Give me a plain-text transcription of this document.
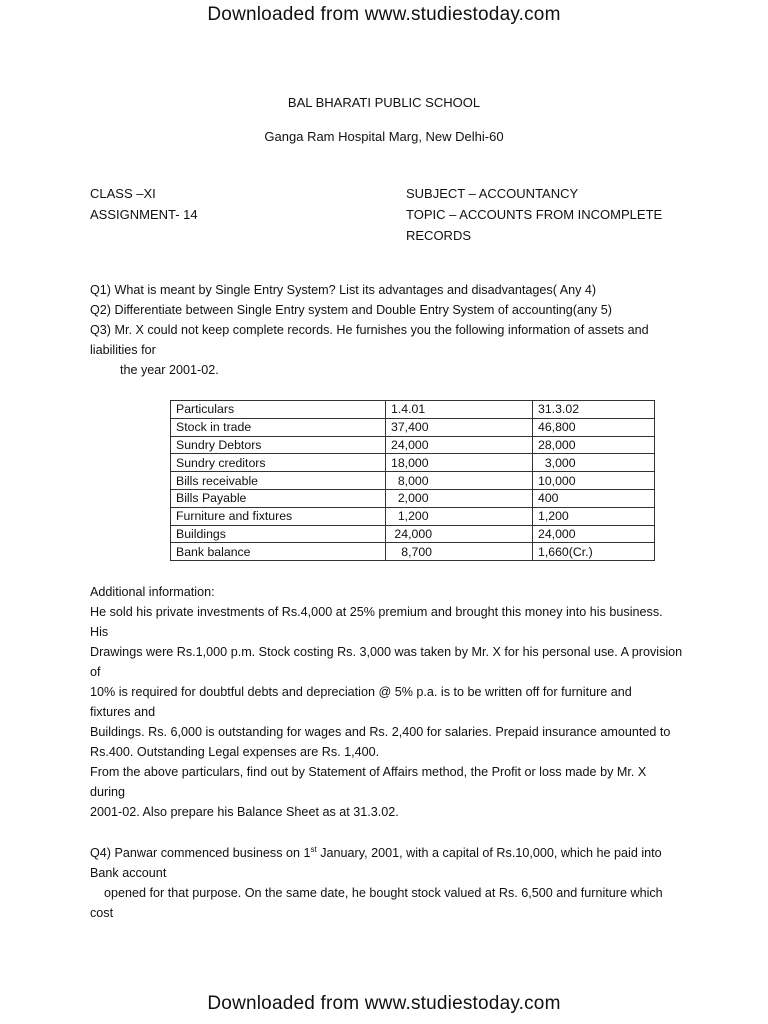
Downloaded from www.studiestoday.com
BAL BHARATI PUBLIC SCHOOL
Ganga Ram Hospital Marg, New Delhi-60
CLASS –XI
ASSIGNMENT- 14
SUBJECT – ACCOUNTANCY
TOPIC – ACCOUNTS FROM INCOMPLETE
RECORDS
Q1) What is meant by Single Entry System? List its advantages and disadvantages( Any 4)
Q2) Differentiate between Single Entry system and Double Entry System of accounting(any 5)
Q3) Mr. X could not keep complete records. He furnishes you the following information of assets and
liabilities for
the year 2001-02.
Particulars	1.4.01	31.3.02
Stock in trade	37,400	46,800
Sundry Debtors	24,000	28,000
Sundry creditors	18,000	3,000
Bills receivable	8,000	10,000
Bills Payable	2,000	400
Furniture and fixtures	1,200	1,200
Buildings	24,000	24,000
Bank balance	8,700	1,660(Cr.)
Additional information:
He sold his private investments of Rs.4,000 at 25% premium and brought this money into his business.
His
Drawings were Rs.1,000 p.m. Stock costing Rs. 3,000 was taken by Mr. X for his personal use. A provision
of
10% is required for doubtful debts and depreciation @ 5% p.a. is to be written off for furniture and
fixtures and
Buildings. Rs. 6,000 is outstanding for wages and Rs. 2,400 for salaries. Prepaid insurance amounted to
Rs.400. Outstanding Legal expenses are Rs. 1,400.
From the above particulars, find out by Statement of Affairs method, the Profit or loss made by Mr. X
during
2001-02. Also prepare his Balance Sheet as at 31.3.02.
Q4) Panwar commenced business on 1st January, 2001, with a capital of Rs.10,000, which he paid into
Bank account
opened for that purpose. On the same date, he bought stock valued at Rs. 6,500 and furniture which
cost
Downloaded from www.studiestoday.com
